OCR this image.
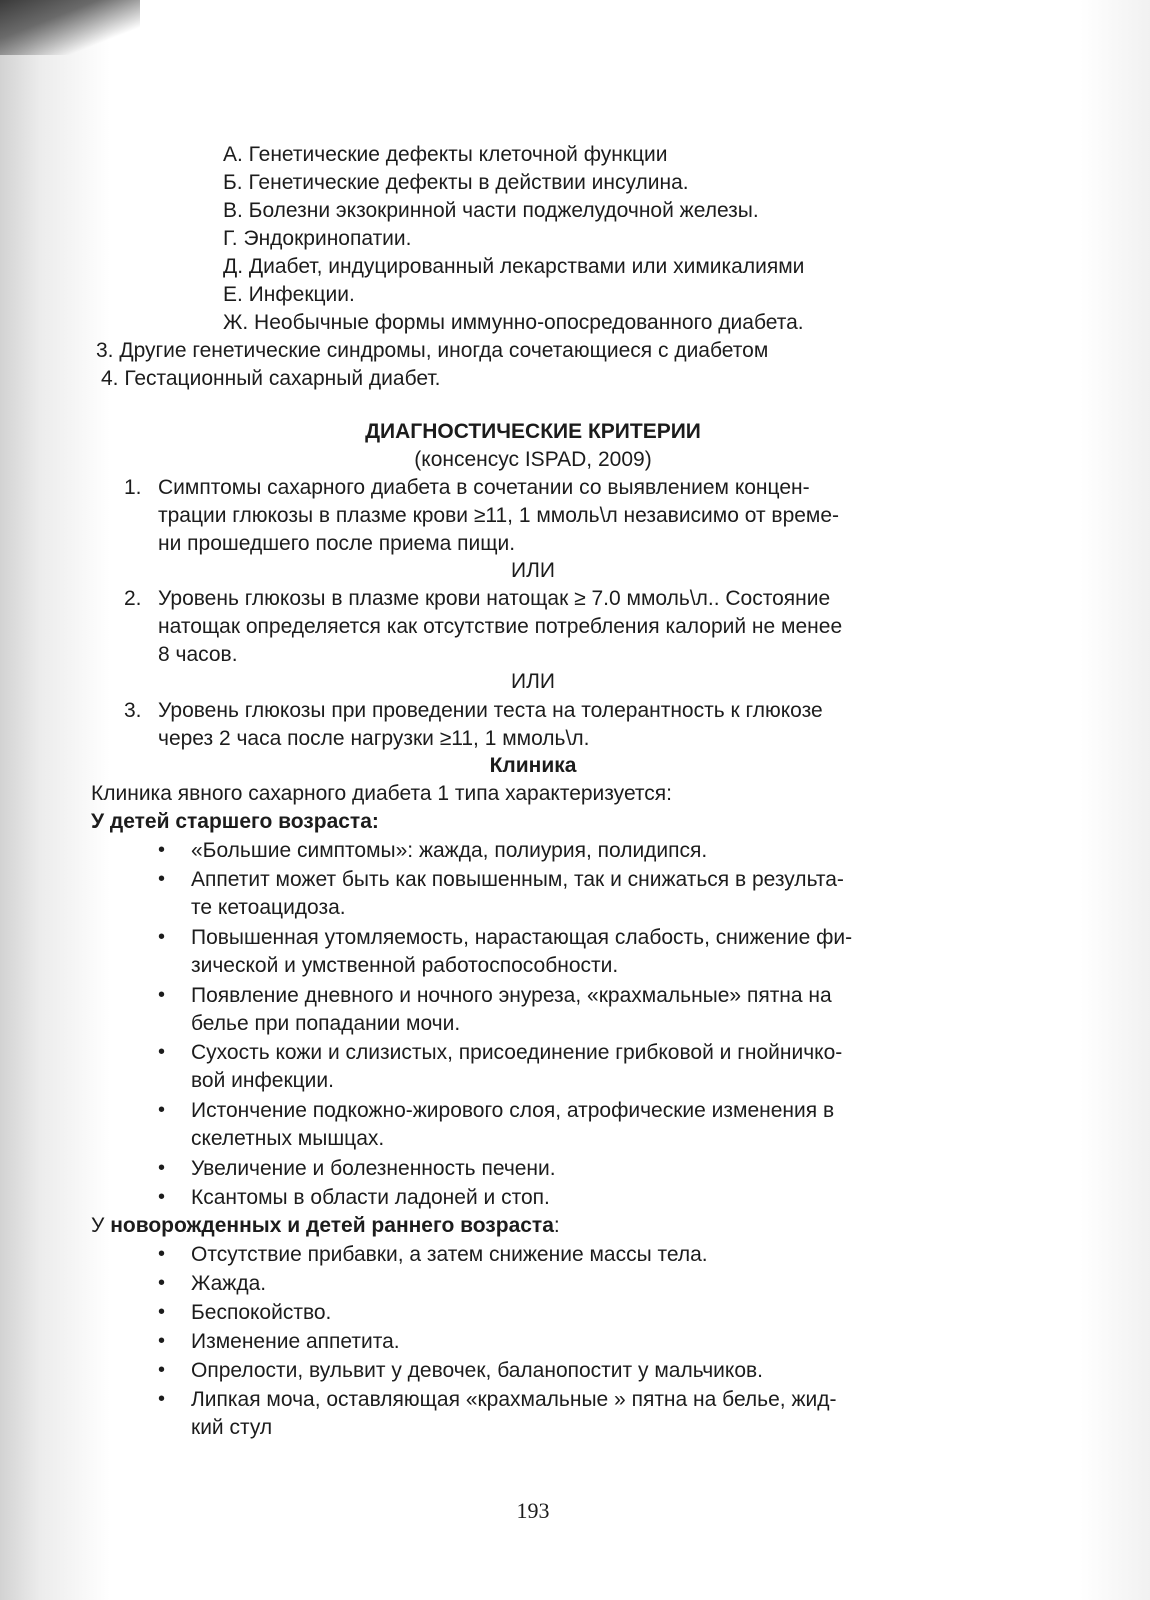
А. Генетические дефекты клеточной функции
Б. Генетические дефекты в действии инсулина.
В. Болезни экзокринной части поджелудочной железы.
Г. Эндокринопатии.
Д. Диабет, индуцированный лекарствами или химикалиями
Е. Инфекции.
Ж. Необычные формы иммунно-опосредованного диабета.
3. Другие генетические синдромы, иногда сочетающиеся с диабетом
4. Гестационный сахарный диабет.
ДИАГНОСТИЧЕСКИЕ КРИТЕРИИ
(консенсус ISPAD, 2009)
1. Симптомы сахарного диабета в сочетании со выявлением концен-
трации глюкозы в плазме крови ≥11, 1 ммоль\л независимо от време-
ни прошедшего после приема пищи.
ИЛИ
2. Уровень глюкозы в плазме крови натощак ≥ 7.0 ммоль\л.. Состояние
натощак определяется как отсутствие потребления калорий не менее
8 часов.
ИЛИ
3. Уровень глюкозы при проведении теста на толерантность к глюкозе
через 2 часа после нагрузки ≥11, 1 ммоль\л.
Клиника
Клиника явного сахарного диабета 1 типа характеризуется:
У детей старшего возраста:
• «Большие симптомы»: жажда, полиурия, полидипся.
• Аппетит может быть как повышенным, так и снижаться в результа-
те кетоацидоза.
• Повышенная утомляемость, нарастающая слабость, снижение фи-
зической и умственной работоспособности.
• Появление дневного и ночного энуреза, «крахмальные» пятна на
белье при попадании мочи.
• Сухость кожи и слизистых, присоединение грибковой и гнойничко-
вой инфекции.
• Истончение подкожно-жирового слоя, атрофические изменения в
скелетных мышцах.
• Увеличение и болезненность печени.
• Ксантомы в области ладоней и стоп.
У новорожденных и детей раннего возраста:
• Отсутствие прибавки, а затем снижение массы тела.
• Жажда.
• Беспокойство.
• Изменение аппетита.
• Опрелости, вульвит у девочек, баланопостит у мальчиков.
• Липкая моча, оставляющая «крахмальные » пятна на белье, жид-
кий стул
193
